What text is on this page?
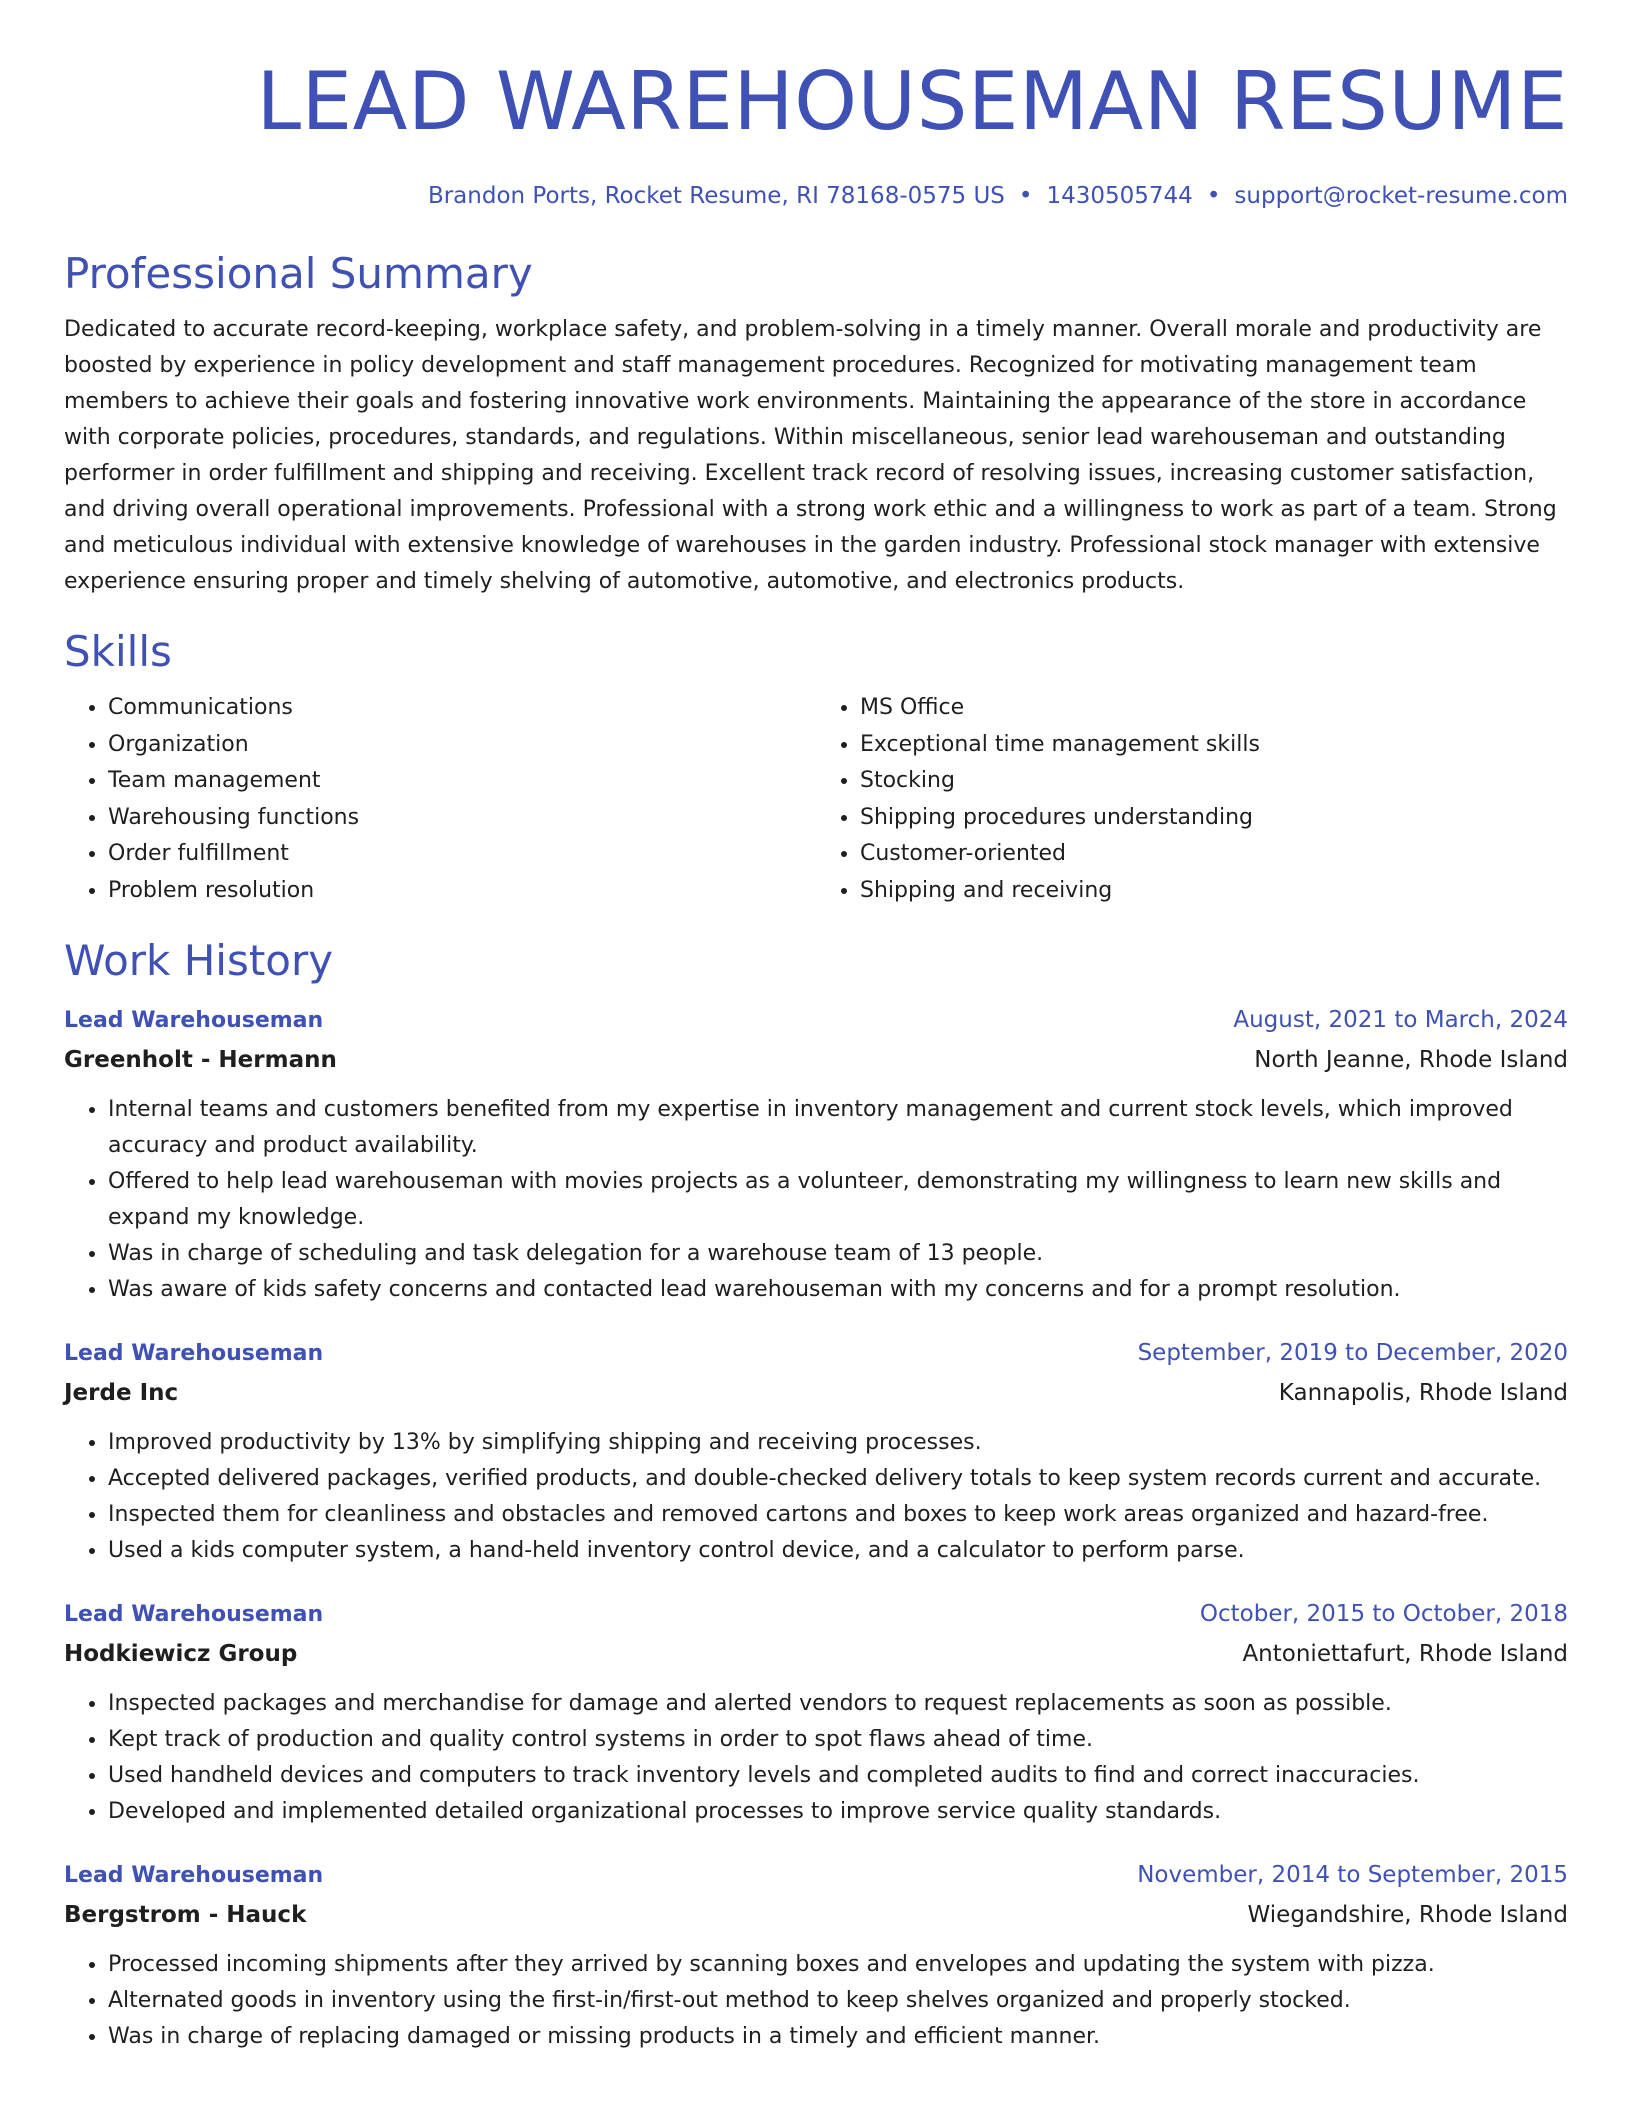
LEAD WAREHOUSEMAN RESUME
Brandon Ports, Rocket Resume, RI 78168-0575 US • 1430505744 • support@rocket-resume.com
Professional Summary

Dedicated to accurate record-keeping, workplace safety, and problem-solving in a timely manner. Overall morale and productivity are boosted by experience in policy development and staff management procedures. Recognized for motivating management team members to achieve their goals and fostering innovative work environments. Maintaining the appearance of the store in accordance with corporate policies, procedures, standards, and regulations. Within miscellaneous, senior lead warehouseman and outstanding performer in order fulfillment and shipping and receiving. Excellent track record of resolving issues, increasing customer satisfaction, and driving overall operational improvements. Professional with a strong work ethic and a willingness to work as part of a team. Strong and meticulous individual with extensive knowledge of warehouses in the garden industry. Professional stock manager with extensive experience ensuring proper and timely shelving of automotive, automotive, and electronics products.

Skills
• Communications
• Organization
• Team management
• Warehousing functions
• Order fulfillment
• Problem resolution
• MS Office
• Exceptional time management skills
• Stocking
• Shipping procedures understanding
• Customer-oriented
• Shipping and receiving
Work History
Lead Warehouseman	August, 2021 to March, 2024
Greenholt - Hermann	North Jeanne, Rhode Island
• Internal teams and customers benefited from my expertise in inventory management and current stock levels, which improved accuracy and product availability.
• Offered to help lead warehouseman with movies projects as a volunteer, demonstrating my willingness to learn new skills and expand my knowledge.
• Was in charge of scheduling and task delegation for a warehouse team of 13 people.
• Was aware of kids safety concerns and contacted lead warehouseman with my concerns and for a prompt resolution.
Lead Warehouseman	September, 2019 to December, 2020
Jerde Inc	Kannapolis, Rhode Island
• Improved productivity by 13% by simplifying shipping and receiving processes.
• Accepted delivered packages, verified products, and double-checked delivery totals to keep system records current and accurate.
• Inspected them for cleanliness and obstacles and removed cartons and boxes to keep work areas organized and hazard-free.
• Used a kids computer system, a hand-held inventory control device, and a calculator to perform parse.
Lead Warehouseman	October, 2015 to October, 2018
Hodkiewicz Group	Antoniettafurt, Rhode Island
• Inspected packages and merchandise for damage and alerted vendors to request replacements as soon as possible.
• Kept track of production and quality control systems in order to spot flaws ahead of time.
• Used handheld devices and computers to track inventory levels and completed audits to find and correct inaccuracies.
• Developed and implemented detailed organizational processes to improve service quality standards.
Lead Warehouseman	November, 2014 to September, 2015
Bergstrom - Hauck	Wiegandshire, Rhode Island
• Processed incoming shipments after they arrived by scanning boxes and envelopes and updating the system with pizza.
• Alternated goods in inventory using the first-in/first-out method to keep shelves organized and properly stocked.
• Was in charge of replacing damaged or missing products in a timely and efficient manner.
